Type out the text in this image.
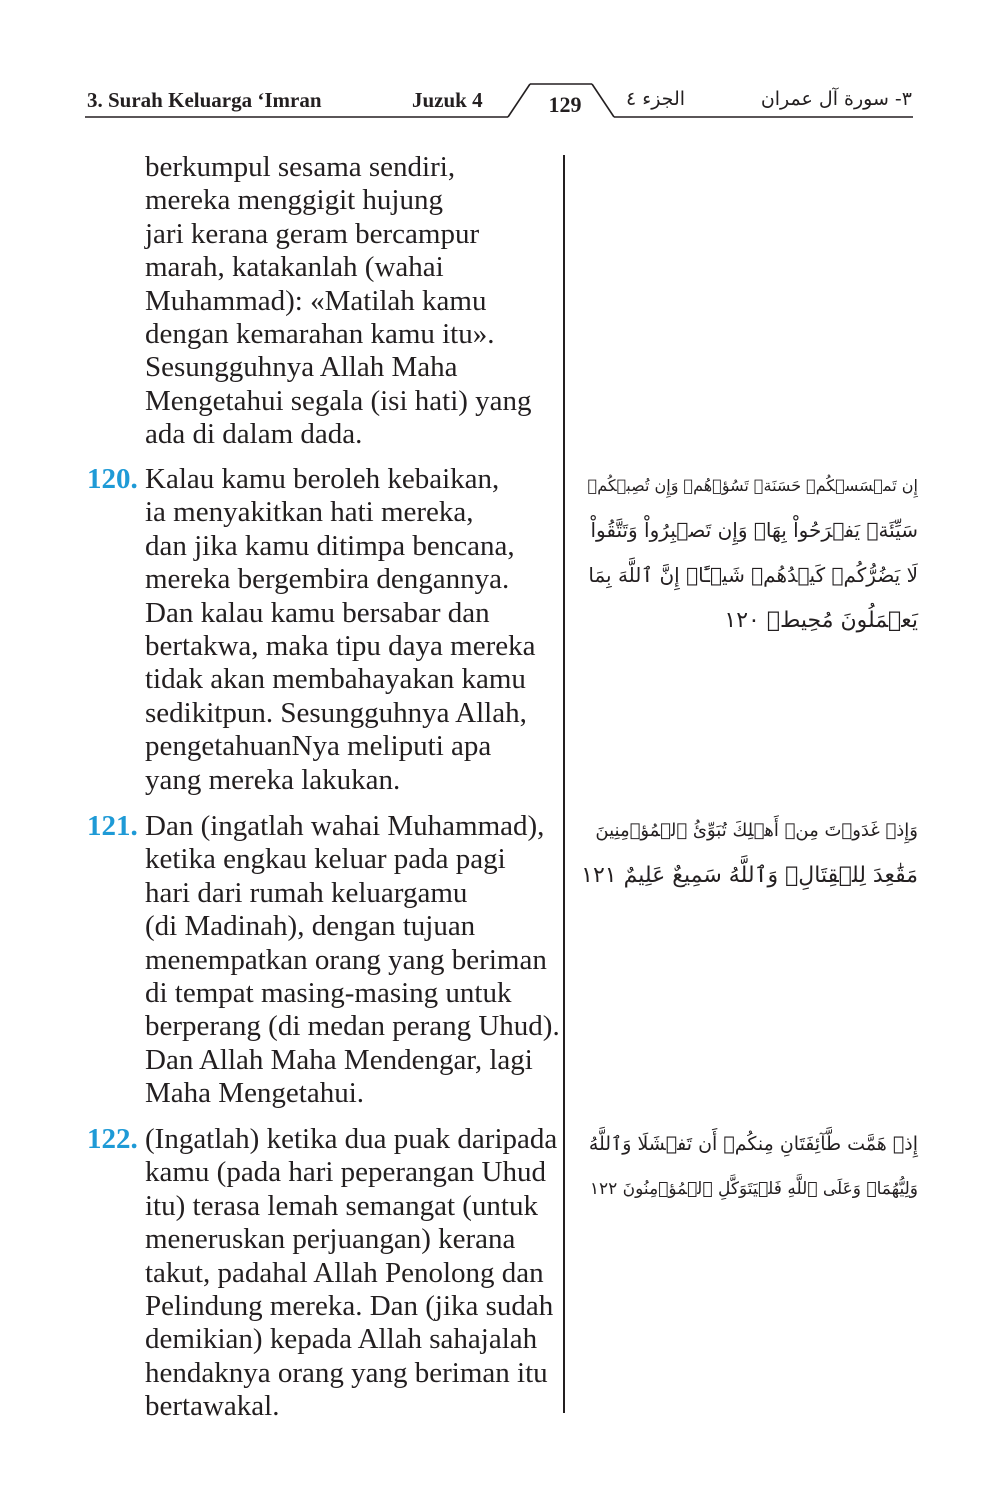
3. Surah Keluarga ‘Imran	Juzuk 4	129	الجزء ٤	٣- سورة آل عمران
berkumpul sesama sendiri,
mereka menggigit hujung
jari kerana geram bercampur
marah, katakanlah (wahai
Muhammad): «Matilah kamu
dengan kemarahan kamu itu».
Sesungguhnya Allah Maha
Mengetahui segala (isi hati) yang
ada di dalam dada.
120. Kalau kamu beroleh kebaikan,
ia menyakitkan hati mereka,
dan jika kamu ditimpa bencana,
mereka bergembira dengannya.
Dan kalau kamu bersabar dan
bertakwa, maka tipu daya mereka
tidak akan membahayakan kamu
sedikitpun. Sesungguhnya Allah,
pengetahuanNya meliputi apa
yang mereka lakukan.
إِن تَمۡسَسۡكُمۡ حَسَنَةٞ تَسُؤۡهُمۡ وَإِن تُصِبۡكُمۡ
سَيِّئَةٞ يَفۡرَحُواْ بِهَاۖ وَإِن تَصۡبِرُواْ وَتَتَّقُواْ
لَا يَضُرُّكُمۡ كَيۡدُهُمۡ شَيۡـًٔاۗ إِنَّ ٱللَّهَ بِمَا
يَعۡمَلُونَ مُحِيطٞ ١٢٠
121. Dan (ingatlah wahai Muhammad),
ketika engkau keluar pada pagi
hari dari rumah keluargamu
(di Madinah), dengan tujuan
menempatkan orang yang beriman
di tempat masing-masing untuk
berperang (di medan perang Uhud).
Dan Allah Maha Mendengar, lagi
Maha Mengetahui.
وَإِذۡ غَدَوۡتَ مِنۡ أَهۡلِكَ تُبَوِّئُ ٱلۡمُؤۡمِنِينَ
مَقَٰعِدَ لِلۡقِتَالِۗ وَٱللَّهُ سَمِيعٌ عَلِيمٌ ١٢١
122. (Ingatlah) ketika dua puak daripada
kamu (pada hari peperangan Uhud
itu) terasa lemah semangat (untuk
meneruskan perjuangan) kerana
takut, padahal Allah Penolong dan
Pelindung mereka. Dan (jika sudah
demikian) kepada Allah sahajalah
hendaknya orang yang beriman itu
bertawakal.
إِذۡ هَمَّت طَّآئِفَتَانِ مِنكُمۡ أَن تَفۡشَلَا وَٱللَّهُ
وَلِيُّهُمَاۗ وَعَلَى ٱللَّهِ فَلۡيَتَوَكَّلِ ٱلۡمُؤۡمِنُونَ ١٢٢
